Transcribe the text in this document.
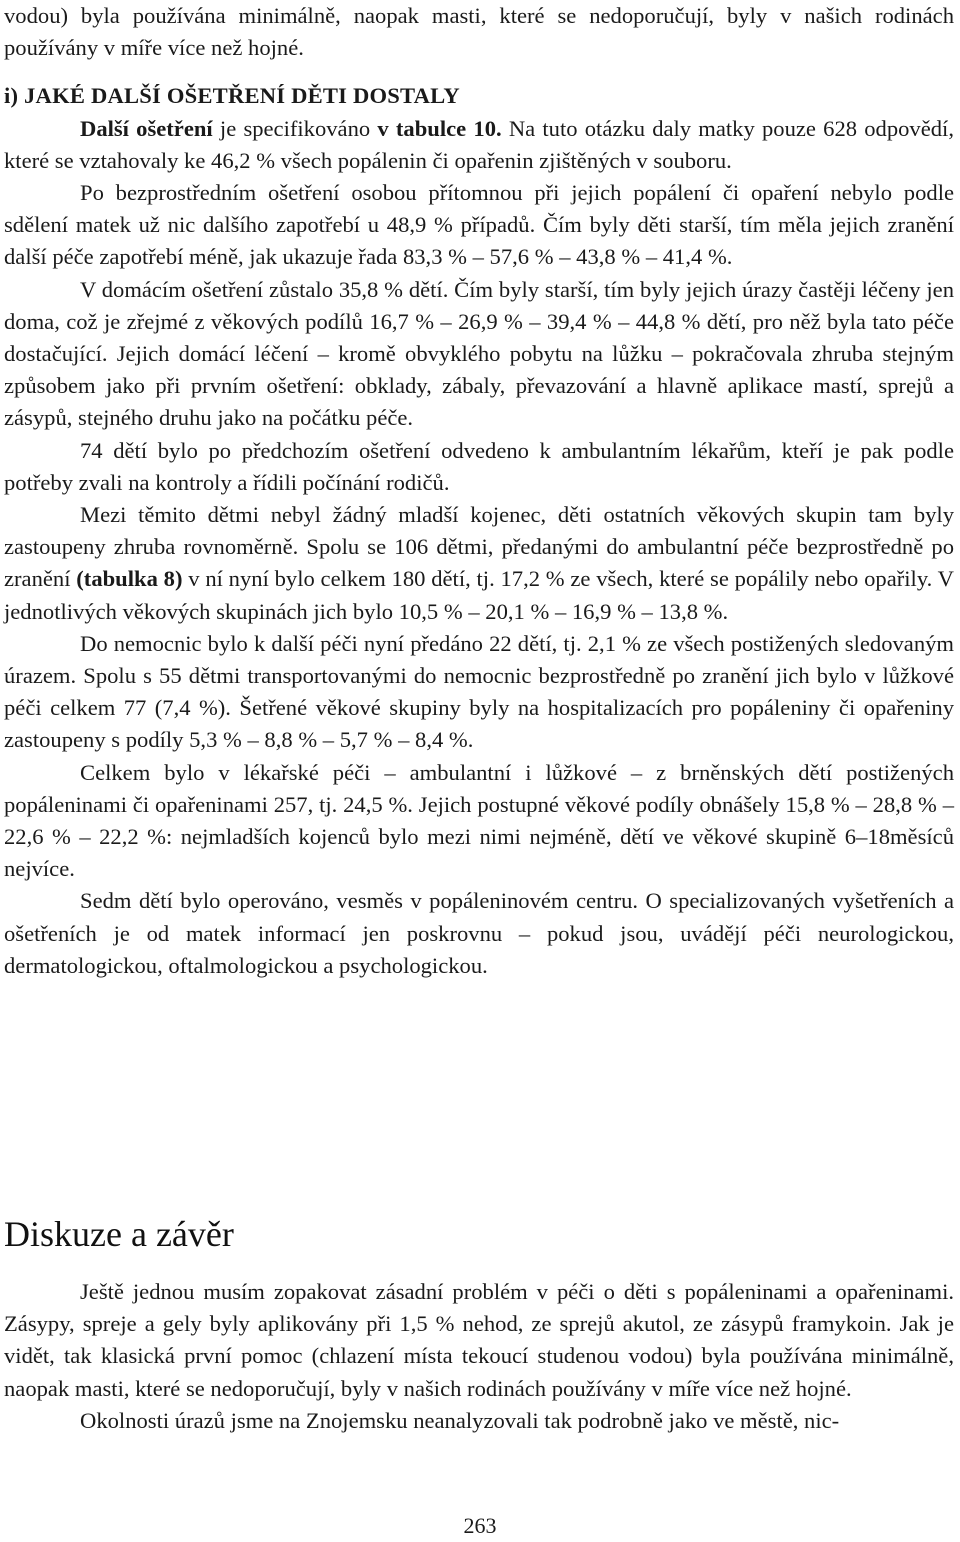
vodou) byla používána minimálně, naopak masti, které se nedoporučují, byly v našich rodinách používány v míře více než hojné.

i) JAKÉ DALŠÍ OŠETŘENÍ DĚTI DOSTALY

Další ošetření je specifikováno v tabulce 10. Na tuto otázku daly matky pouze 628 odpovědí, které se vztahovaly ke 46,2 % všech popálenin či opařenin zjištěných v souboru.

Po bezprostředním ošetření osobou přítomnou při jejich popálení či opaření nebylo podle sdělení matek už nic dalšího zapotřebí u 48,9 % případů. Čím byly děti starší, tím měla jejich zranění další péče zapotřebí méně, jak ukazuje řada 83,3 % – 57,6 % – 43,8 % – 41,4 %.

V domácím ošetření zůstalo 35,8 % dětí. Čím byly starší, tím byly jejich úrazy častěji léčeny jen doma, což je zřejmé z věkových podílů 16,7 % – 26,9 % – 39,4 % – 44,8 % dětí, pro něž byla tato péče dostačující. Jejich domácí léčení – kromě obvyklého pobytu na lůžku – pokračovala zhruba stejným způsobem jako při prvním ošetření: obklady, zábaly, převazování a hlavně aplikace mastí, sprejů a zásypů, stejného druhu jako na počátku péče.

74 dětí bylo po předchozím ošetření odvedeno k ambulantním lékařům, kteří je pak podle potřeby zvali na kontroly a řídili počínání rodičů.

Mezi těmito dětmi nebyl žádný mladší kojenec, děti ostatních věkových skupin tam byly zastoupeny zhruba rovnoměrně. Spolu se 106 dětmi, předanými do ambulantní péče bezprostředně po zranění (tabulka 8) v ní nyní bylo celkem 180 dětí, tj. 17,2 % ze všech, které se popálily nebo opařily. V jednotlivých věkových skupinách jich bylo 10,5 % – 20,1 % – 16,9 % – 13,8 %.

Do nemocnic bylo k další péči nyní předáno 22 dětí, tj. 2,1 % ze všech postižených sledovaným úrazem. Spolu s 55 dětmi transportovanými do nemocnic bezprostředně po zranění jich bylo v lůžkové péči celkem 77 (7,4 %). Šetřené věkové skupiny byly na hospitalizacích pro popáleniny či opařeniny zastoupeny s podíly 5,3 % – 8,8 % – 5,7 % – 8,4 %.

Celkem bylo v lékařské péči – ambulantní i lůžkové – z brněnských dětí postižených popáleninami či opařeninami 257, tj. 24,5 %. Jejich postupné věkové podíly obnášely 15,8 % – 28,8 % – 22,6 % – 22,2 %: nejmladších kojenců bylo mezi nimi nejméně, dětí ve věkové skupině 6–18měsíců nejvíce.

Sedm dětí bylo operováno, vesměs v popáleninovém centru. O specializovaných vyšetřeních a ošetřeních je od matek informací jen poskrovnu – pokud jsou, uvádějí péči neurologickou, dermatologickou, oftalmologickou a psychologickou.

Diskuze a závěr

Ještě jednou musím zopakovat zásadní problém v péči o děti s popáleninami a opařeninami. Zásypy, spreje a gely byly aplikovány při 1,5 % nehod, ze sprejů akutol, ze zásypů framykoin. Jak je vidět, tak klasická první pomoc (chlazení místa tekoucí studenou vodou) byla používána minimálně, naopak masti, které se nedoporučují, byly v našich rodinách používány v míře více než hojné.

Okolnosti úrazů jsme na Znojemsku neanalyzovali tak podrobně jako ve městě, nic-

263
